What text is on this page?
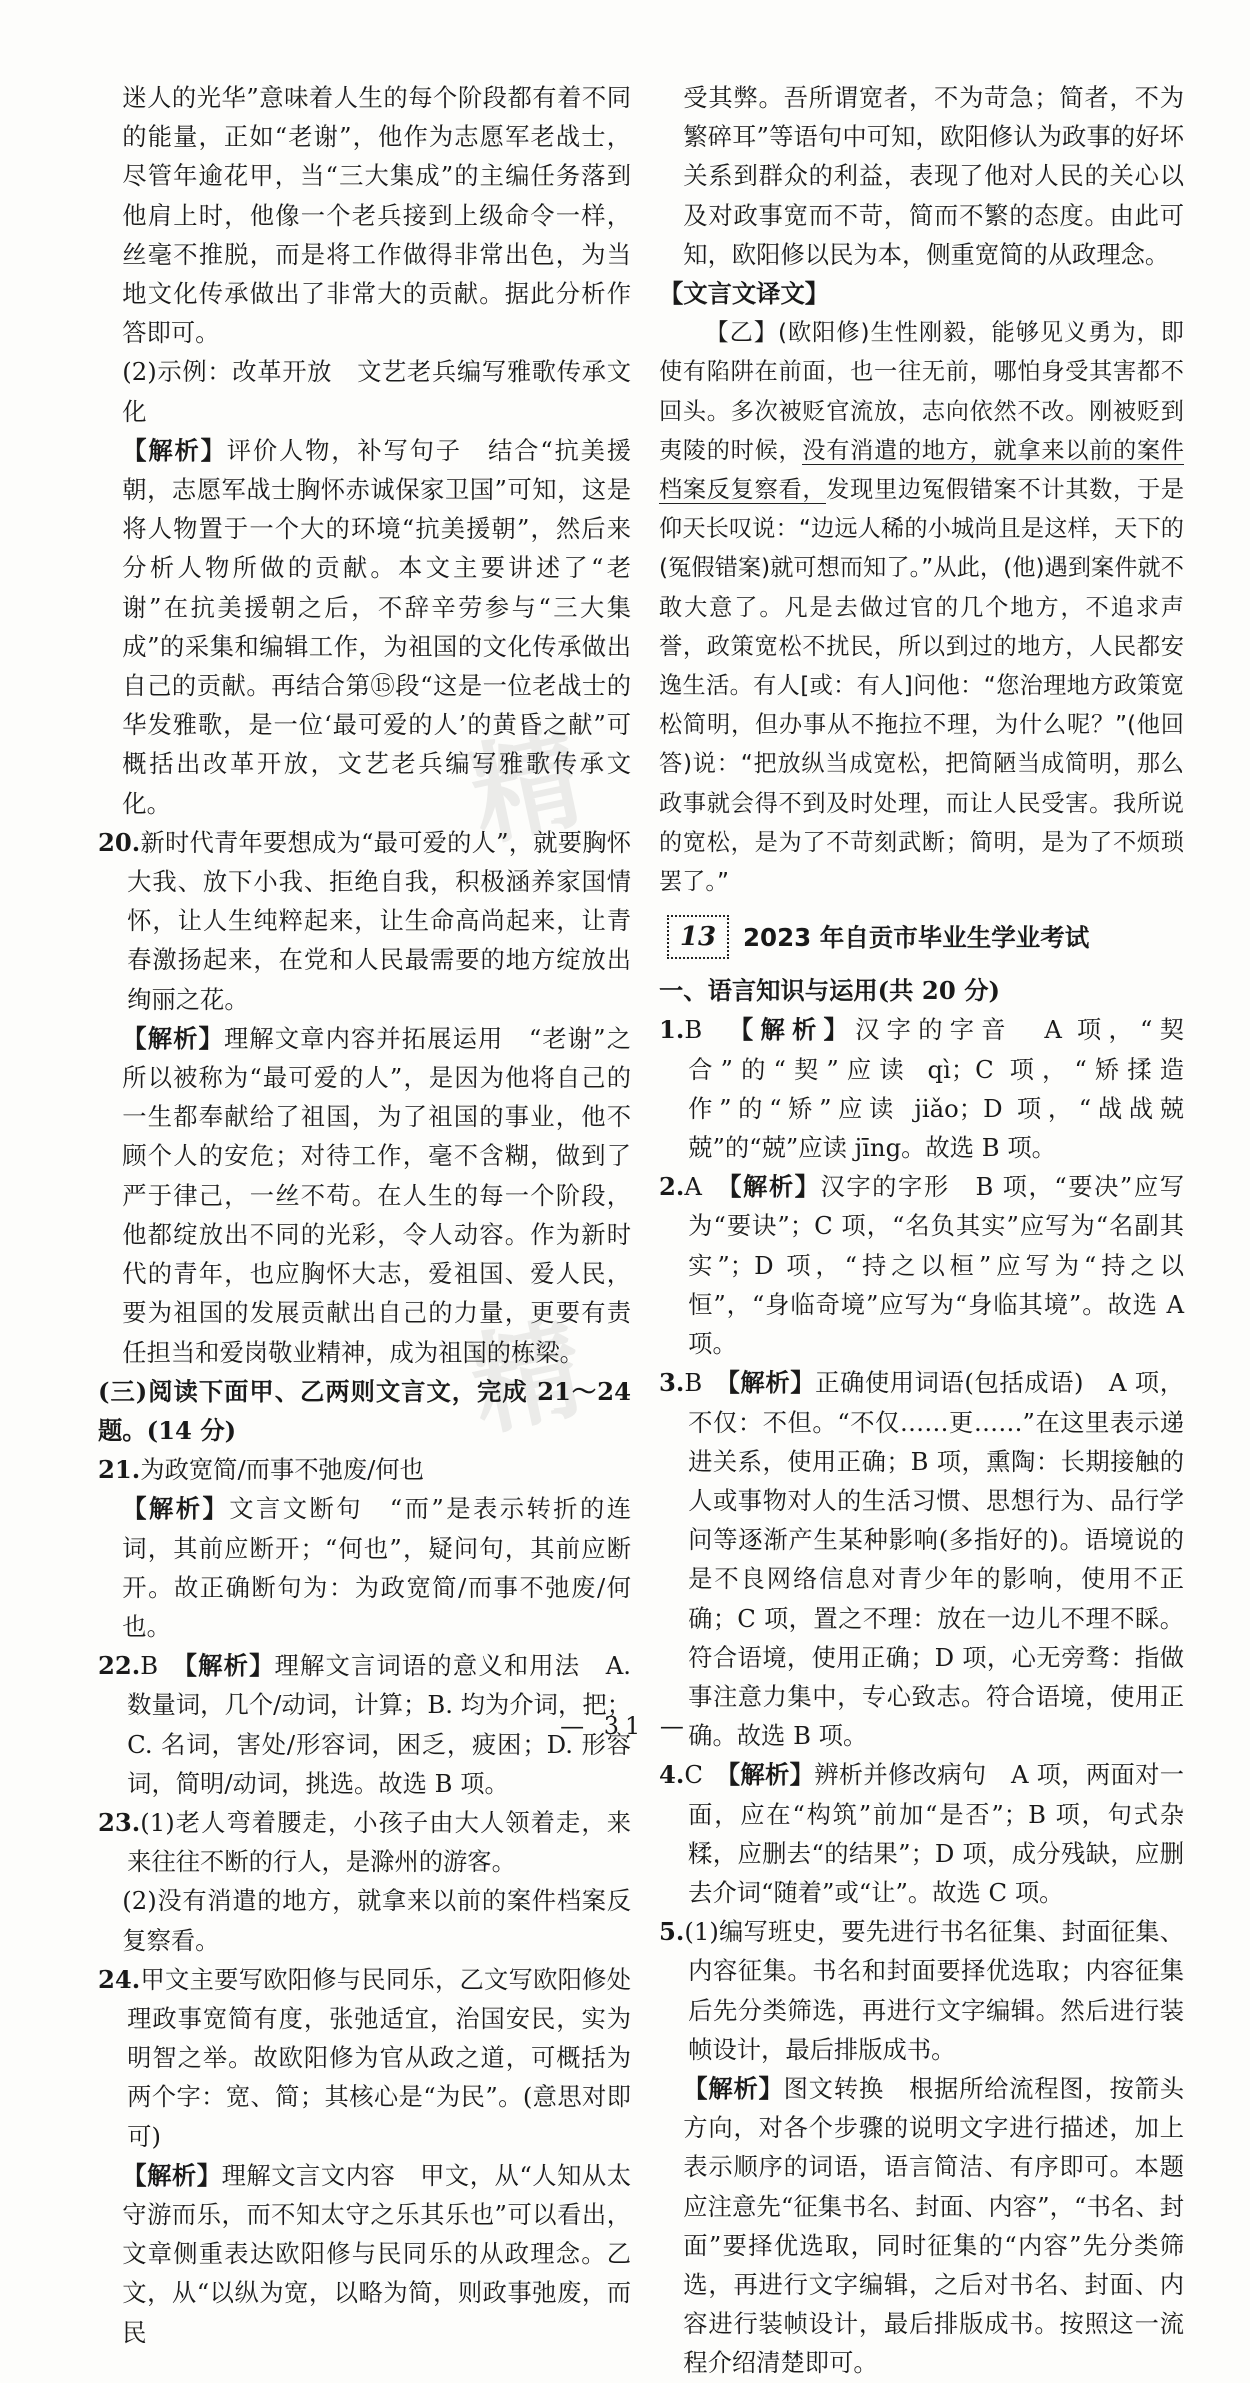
迷人的光华”意味着人生的每个阶段都有着不同的能量，正如“老谢”，他作为志愿军老战士，尽管年逾花甲，当“三大集成”的主编任务落到他肩上时，他像一个老兵接到上级命令一样，丝毫不推脱，而是将工作做得非常出色，为当地文化传承做出了非常大的贡献。据此分析作答即可。

(2)示例：改革开放　文艺老兵编写雅歌传承文化

【解析】评价人物，补写句子　结合“抗美援朝，志愿军战士胸怀赤诚保家卫国”可知，这是将人物置于一个大的环境“抗美援朝”，然后来分析人物所做的贡献。本文主要讲述了“老谢”在抗美援朝之后，不辞辛劳参与“三大集成”的采集和编辑工作，为祖国的文化传承做出自己的贡献。再结合第⑮段“这是一位老战士的华发雅歌，是一位‘最可爱的人’的黄昏之献”可概括出改革开放，文艺老兵编写雅歌传承文化。

20.新时代青年要想成为“最可爱的人”，就要胸怀大我、放下小我、拒绝自我，积极涵养家国情怀，让人生纯粹起来，让生命高尚起来，让青春激扬起来，在党和人民最需要的地方绽放出绚丽之花。

【解析】理解文章内容并拓展运用　“老谢”之所以被称为“最可爱的人”，是因为他将自己的一生都奉献给了祖国，为了祖国的事业，他不顾个人的安危；对待工作，毫不含糊，做到了严于律己，一丝不苟。在人生的每一个阶段，他都绽放出不同的光彩，令人动容。作为新时代的青年，也应胸怀大志，爱祖国、爱人民，要为祖国的发展贡献出自己的力量，更要有责任担当和爱岗敬业精神，成为祖国的栋梁。

(三)阅读下面甲、乙两则文言文，完成 21～24 题。(14 分)

21.为政宽简/而事不弛废/何也

【解析】文言文断句　“而”是表示转折的连词，其前应断开；“何也”，疑问句，其前应断开。故正确断句为：为政宽简/而事不弛废/何也。

22.B　【解析】理解文言词语的意义和用法　A. 数量词，几个/动词，计算；B. 均为介词，把；C. 名词，害处/形容词，困乏，疲困；D. 形容词，简明/动词，挑选。故选 B 项。

23.(1)老人弯着腰走，小孩子由大人领着走，来来往往不断的行人，是滁州的游客。

(2)没有消遣的地方，就拿来以前的案件档案反复察看。

24.甲文主要写欧阳修与民同乐，乙文写欧阳修处理政事宽简有度，张弛适宜，治国安民，实为明智之举。故欧阳修为官从政之道，可概括为两个字：宽、简；其核心是“为民”。(意思对即可)

【解析】理解文言文内容　甲文，从“人知从太守游而乐，而不知太守之乐其乐也”可以看出，文章侧重表达欧阳修与民同乐的从政理念。乙文，从“以纵为宽，以略为简，则政事弛废，而民

受其弊。吾所谓宽者，不为苛急；简者，不为繁碎耳”等语句中可知，欧阳修认为政事的好坏关系到群众的利益，表现了他对人民的关心以及对政事宽而不苛，简而不繁的态度。由此可知，欧阳修以民为本，侧重宽简的从政理念。

【文言文译文】

【乙】(欧阳修)生性刚毅，能够见义勇为，即使有陷阱在前面，也一往无前，哪怕身受其害都不回头。多次被贬官流放，志向依然不改。刚被贬到夷陵的时候，没有消遣的地方，就拿来以前的案件档案反复察看，发现里边冤假错案不计其数，于是仰天长叹说：“边远人稀的小城尚且是这样，天下的(冤假错案)就可想而知了。”从此，(他)遇到案件就不敢大意了。凡是去做过官的几个地方，不追求声誉，政策宽松不扰民，所以到过的地方，人民都安逸生活。有人[或：有人]问他：“您治理地方政策宽松简明，但办事从不拖拉不理，为什么呢？”(他回答)说：“把放纵当成宽松，把简陋当成简明，那么政事就会得不到及时处理，而让人民受害。我所说的宽松，是为了不苛刻武断；简明，是为了不烦琐罢了。”

13	2023 年自贡市毕业生学业考试

一、语言知识与运用(共 20 分)

1.B　【解析】汉字的字音　A 项，“契合”的“契”应读 qì；C 项，“矫揉造作”的“矫”应读 jiǎo；D 项，“战战兢兢”的“兢”应读 jīng。故选 B 项。

2.A　【解析】汉字的字形　B 项，“要决”应写为“要诀”；C 项，“名负其实”应写为“名副其实”；D 项，“持之以桓”应写为“持之以恒”，“身临奇境”应写为“身临其境”。故选 A 项。

3.B　【解析】正确使用词语(包括成语)　A 项，不仅：不但。“不仅……更……”在这里表示递进关系，使用正确；B 项，熏陶：长期接触的人或事物对人的生活习惯、思想行为、品行学问等逐渐产生某种影响(多指好的)。语境说的是不良网络信息对青少年的影响，使用不正确；C 项，置之不理：放在一边儿不理不睬。符合语境，使用正确；D 项，心无旁骛：指做事注意力集中，专心致志。符合语境，使用正确。故选 B 项。

4.C　【解析】辨析并修改病句　A 项，两面对一面，应在“构筑”前加“是否”；B 项，句式杂糅，应删去“的结果”；D 项，成分残缺，应删去介词“随着”或“让”。故选 C 项。

5.(1)编写班史，要先进行书名征集、封面征集、内容征集。书名和封面要择优选取；内容征集后先分类筛选，再进行文字编辑。然后进行装帧设计，最后排版成书。

【解析】图文转换　根据所给流程图，按箭头方向，对各个步骤的说明文字进行描述，加上表示顺序的词语，语言简洁、有序即可。本题应注意先“征集书名、封面、内容”，“书名、封面”要择优选取，同时征集的“内容”先分类筛选，再进行文字编辑，之后对书名、封面、内容进行装帧设计，最后排版成书。按照这一流程介绍清楚即可。

精
精
— 31 —
